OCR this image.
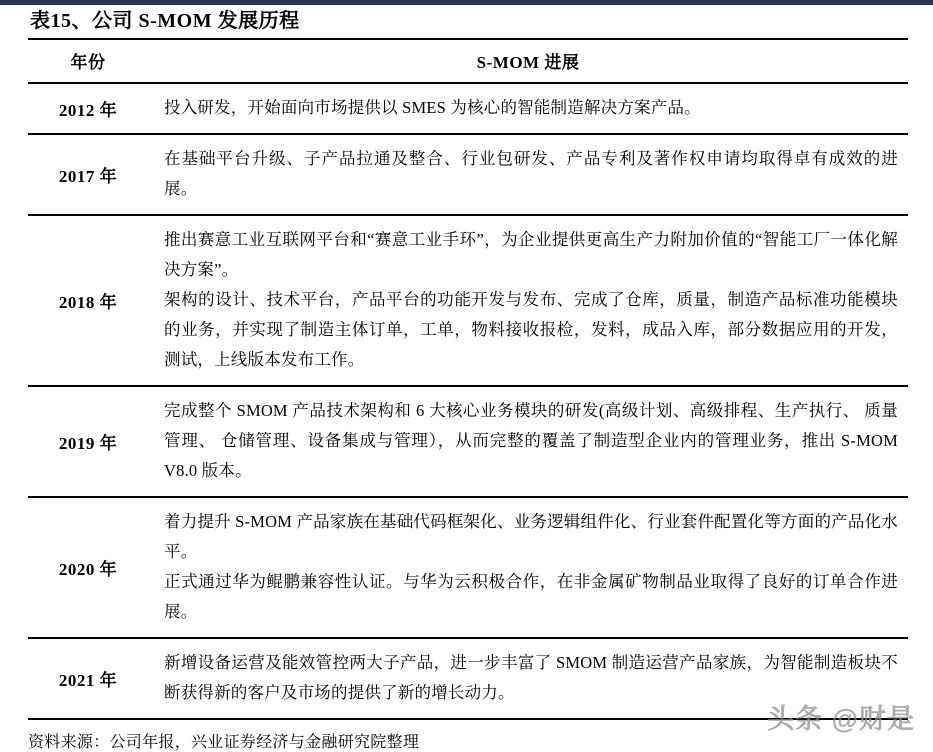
表15、公司 S-MOM 发展历程
年份	S-MOM 进展
2012 年	投入研发，开始面向市场提供以 SMES 为核心的智能制造解决方案产品。

2017 年	在基础平台升级、子产品拉通及整合、行业包研发、产品专利及著作权申请均取得卓有成效的进展。

2018 年	推出赛意工业互联网平台和“赛意工业手环”，为企业提供更高生产力附加价值的“智能工厂一体化解决方案”。

架构的设计、技术平台，产品平台的功能开发与发布、完成了仓库，质量，制造产品标准功能模块的业务，并实现了制造主体订单，工单，物料接收报检，发料，成品入库，部分数据应用的开发，测试，上线版本发布工作。

2019 年	完成整个 SMOM 产品技术架构和 6 大核心业务模块的研发(高级计划、高级排程、生产执行、 质量管理、 仓储管理、设备集成与管理），从而完整的覆盖了制造型企业内的管理业务，推出 S-MOM V8.0 版本。

2020 年	着力提升 S-MOM 产品家族在基础代码框架化、业务逻辑组件化、行业套件配置化等方面的产品化水平。

正式通过华为鲲鹏兼容性认证。与华为云积极合作，在非金属矿物制品业取得了良好的订单合作进展。

2021 年	新增设备运营及能效管控两大子产品，进一步丰富了 SMOM 制造运营产品家族，为智能制造板块不断获得新的客户及市场的提供了新的增长动力。

资料来源：公司年报，兴业证券经济与金融研究院整理
头条 @财是
